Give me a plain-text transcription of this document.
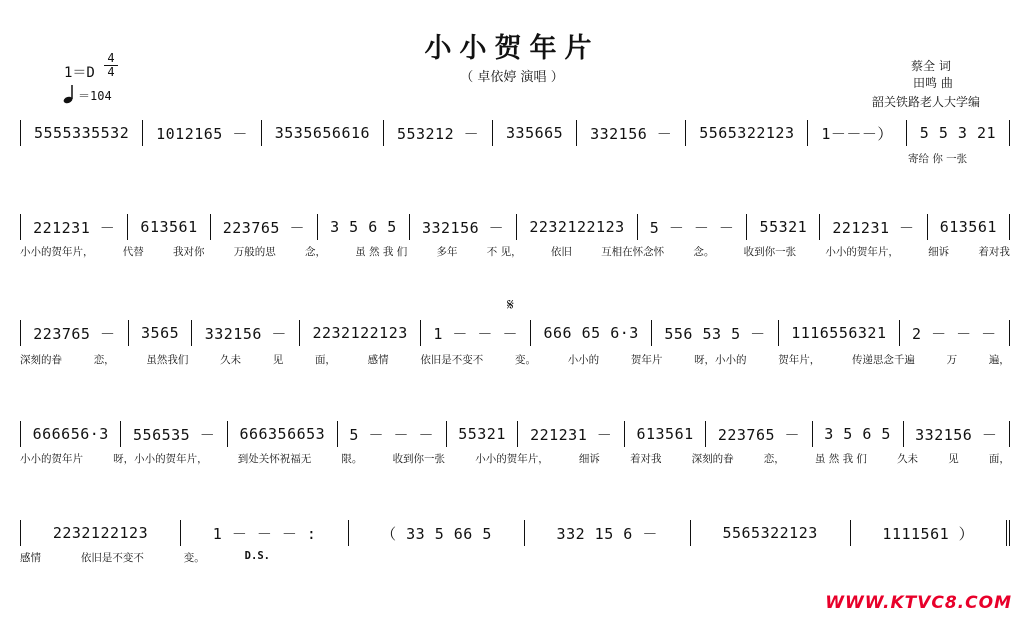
小小贺年片
（ 卓依婷 演唱 ）
1＝D
4
4
＝104
蔡全 词
田鸣 曲
韶关铁路老人大学编
5555335532	10121​65 －	3535656​616	553212 －	335665	332156 －	5565322123	1－－－）	5 5 3 21
221231 －	613561	223765 －	3 5 6 5	332156 －	22321221​23	5 － － －	55321	221231 －	613561
小小的贺年片，	代替	我对你	万般的思	念，	虽 然 我 们	多年	不 见，	依旧	互相在怀念怀	念。	收到你一张	小小的贺年片，	细诉	着对我
223765 －	3565	332156 －	22321221​23	1 － － －	666 65 6·3	556 53 5 －	1116556​321	2 － － －
深刻的眷	恋，	虽然我们	久未	见	面，	感情	依旧是不变不	变。	小小的	贺年片	呀，小小的	贺年片，	传递思念千遍	万	遍，
666656·3	556535 －	66635​6653	5 － － －	55321	221231 －	613561	223765 －	3 5 6 5	332156 －
小小的贺年片	呀，小小的贺年片，	到处关怀祝福无	限。	收到你一张	小小的贺年片，	细诉	着对我	深刻的眷	恋，	虽 然 我 们	久未	见	面，
22321221​23	1 － － － :	（ 33 5 66 5	332 15 6 －	5565322123	1111561 ）
感情	依旧是不变不	变。	D.S.
寄给 你 一张
𝄋
WWW.KTVC8.COM
